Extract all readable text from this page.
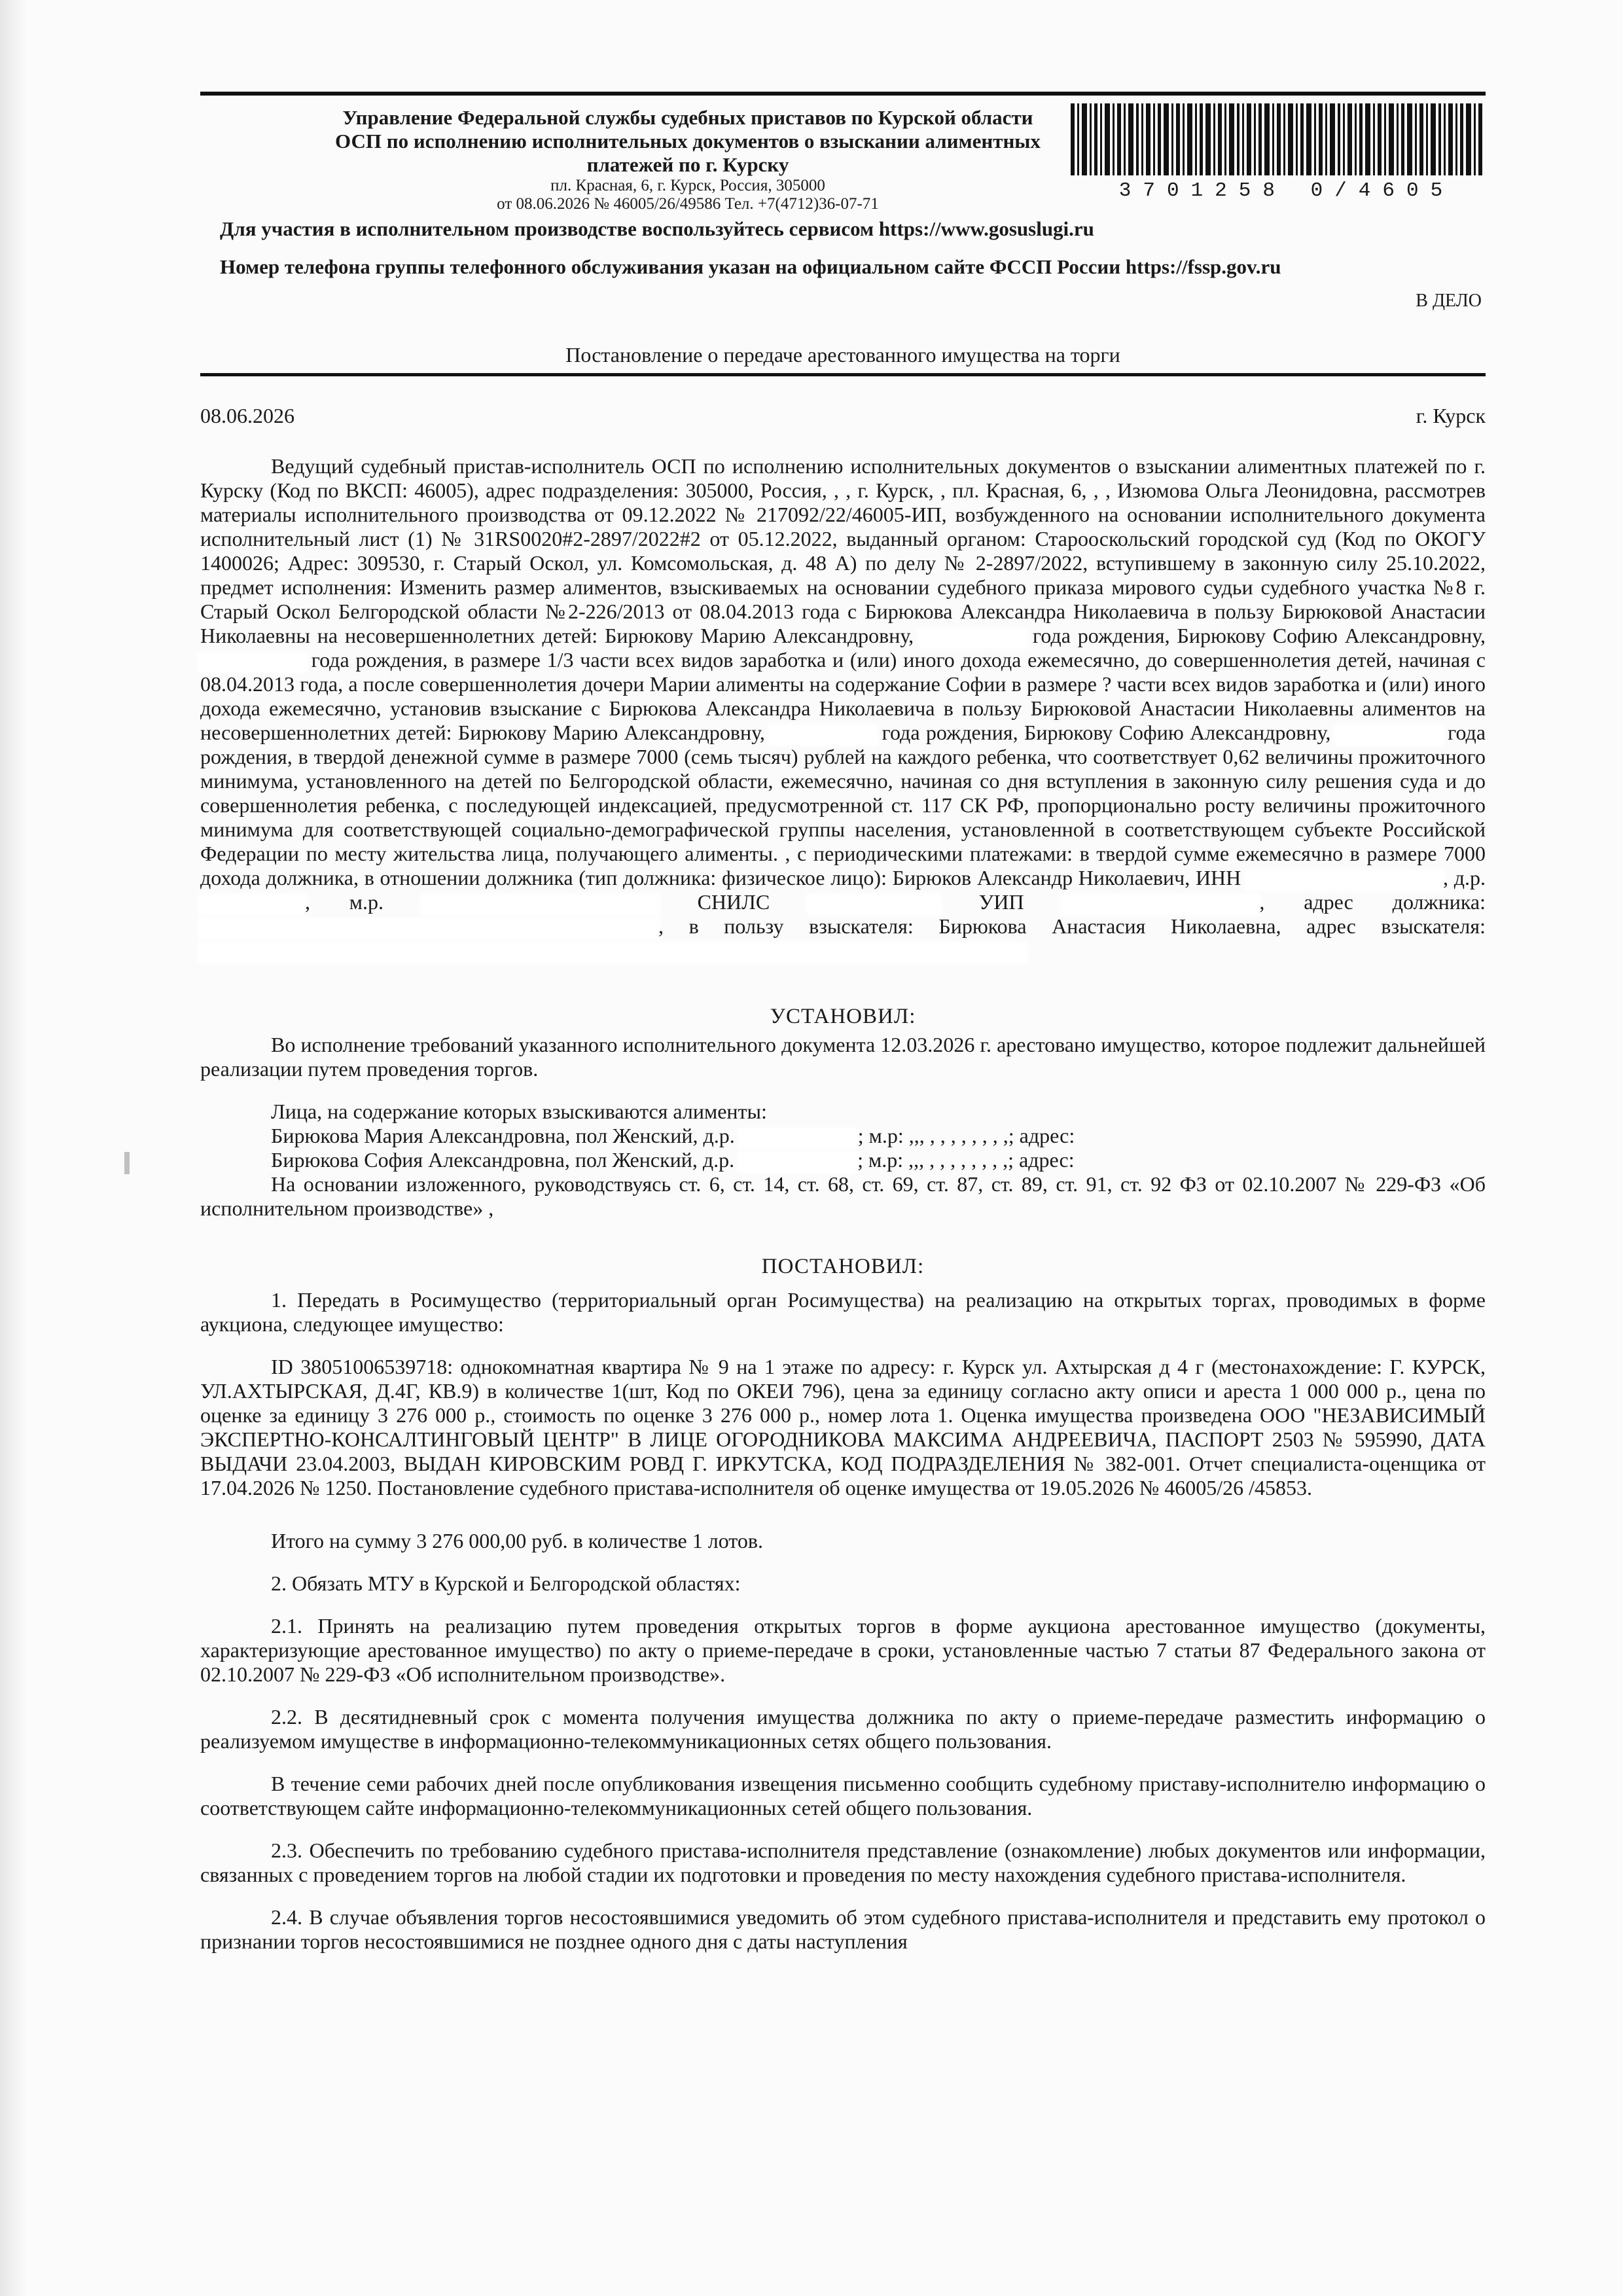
Управление Федеральной службы судебных приставов по Курской области
ОСП по исполнению исполнительных документов о взыскании алиментных
платежей по г. Курску
пл. Красная, 6, г. Курск, Россия, 305000
от 08.06.2026 № 46005/26/49586 Тел. +7(4712)36-07-71
3701258 0/4605
Для участия в исполнительном производстве воспользуйтесь сервисом https://www.gosuslugi.ru
Номер телефона группы телефонного обслуживания указан на официальном сайте ФССП России https://fssp.gov.ru
В ДЕЛО
Постановление о передаче арестованного имущества на торги
08.06.2026	г. Курск

Ведущий судебный пристав-исполнитель ОСП по исполнению исполнительных документов о взыскании алиментных платежей по г. Курску (Код по ВКСП: 46005), адрес подразделения: 305000, Россия, , , г. Курск, , пл. Красная, 6, , , Изюмова Ольга Леонидовна, рассмотрев материалы исполнительного производства от 09.12.2022 № 217092/22/46005-ИП, возбужденного на основании исполнительного документа исполнительный лист (1) № 31RS0020#2-2897/2022#2 от 05.12.2022, выданный органом: Старооскольский городской суд (Код по ОКОГУ 1400026; Адрес: 309530, г. Старый Оскол, ул. Комсомольская, д. 48 А) по делу № 2-2897/2022, вступившему в законную силу 25.10.2022, предмет исполнения: Изменить размер алиментов, взыскиваемых на основании судебного приказа мирового судьи судебного участка №8 г. Старый Оскол Белгородской области №2-226/2013 от 08.04.2013 года с Бирюкова Александра Николаевича в пользу Бирюковой Анастасии Николаевны на несовершеннолетних детей: Бирюкову Марию Александровну,	года рождения, Бирюкову Софию Александровну,  года рождения, в размере 1/3 части всех видов заработка и (или) иного дохода ежемесячно, до совершеннолетия детей, начиная с 08.04.2013 года, а после совершеннолетия дочери Марии алименты на содержание Софии в размере ? части всех видов заработка и (или) иного дохода ежемесячно, установив взыскание с Бирюкова Александра Николаевича в пользу Бирюковой Анастасии Николаевны алиментов на несовершеннолетних детей: Бирюкову Марию Александровну,	года рождения, Бирюкову Софию Александровну,	года рождения, в твердой денежной сумме в размере 7000 (семь тысяч) рублей на каждого ребенка, что соответствует 0,62 величины прожиточного минимума, установленного на детей по Белгородской области, ежемесячно, начиная со дня вступления в законную силу решения суда и до совершеннолетия ребенка, с последующей индексацией, предусмотренной ст. 117 СК РФ, пропорционально росту величины прожиточного минимума для соответствующей социально-демографической группы населения, установленной в соответствующем субъекте Российской Федерации по месту жительства лица, получающего алименты. , с периодическими платежами: в твердой сумме ежемесячно в размере 7000 дохода должника, в отношении должника (тип должника: физическое лицо): Бирюков Александр Николаевич, ИНН	, д.р. , м.р.	СНИЛС	УИП	, адрес должника: , в пользу взыскателя: Бирюкова Анастасия Николаевна, адрес взыскателя:

УСТАНОВИЛ:

Во исполнение требований указанного исполнительного документа 12.03.2026 г. арестовано имущество, которое подлежит дальнейшей реализации путем проведения торгов.

Лица, на содержание которых взыскиваются алименты:
Бирюкова Мария Александровна, пол Женский, д.р.	; м.р: ,,, , , , , , , , ,; адрес:
Бирюкова София Александровна, пол Женский, д.р.	; м.р: ,,, , , , , , , , ,; адрес:

На основании изложенного, руководствуясь ст. 6, ст. 14, ст. 68, ст. 69, ст. 87, ст. 89, ст. 91, ст. 92 ФЗ от 02.10.2007 № 229-ФЗ «Об исполнительном производстве» ,

ПОСТАНОВИЛ:

1. Передать в Росимущество (территориальный орган Росимущества) на реализацию на открытых торгах, проводимых в форме аукциона, следующее имущество:

ID 38051006539718: однокомнатная квартира № 9 на 1 этаже по адресу: г. Курск ул. Ахтырская д 4 г (местонахождение: Г. КУРСК, УЛ.АХТЫРСКАЯ, Д.4Г, КВ.9) в количестве 1(шт, Код по ОКЕИ 796), цена за единицу согласно акту описи и ареста 1 000 000 р., цена по оценке за единицу 3 276 000 р., стоимость по оценке 3 276 000 р., номер лота 1. Оценка имущества произведена ООО "НЕЗАВИСИМЫЙ ЭКСПЕРТНО-КОНСАЛТИНГОВЫЙ ЦЕНТР" В ЛИЦЕ ОГОРОДНИКОВА МАКСИМА АНДРЕЕВИЧА, ПАСПОРТ 2503 № 595990, ДАТА ВЫДАЧИ 23.04.2003, ВЫДАН КИРОВСКИМ РОВД Г. ИРКУТСКА, КОД ПОДРАЗДЕЛЕНИЯ № 382-001. Отчет специалиста-оценщика от 17.04.2026 № 1250. Постановление судебного пристава-исполнителя об оценке имущества от 19.05.2026 № 46005/26 /45853.

Итого на сумму 3 276 000,00 руб. в количестве 1 лотов.

2. Обязать МТУ в Курской и Белгородской областях:

2.1. Принять на реализацию путем проведения открытых торгов в форме аукциона арестованное имущество (документы, характеризующие арестованное имущество) по акту о приеме-передаче в сроки, установленные частью 7 статьи 87 Федерального закона от 02.10.2007 № 229-ФЗ «Об исполнительном производстве».

2.2. В десятидневный срок с момента получения имущества должника по акту о приеме-передаче разместить информацию о реализуемом имуществе в информационно-телекоммуникационных сетях общего пользования.

В течение семи рабочих дней после опубликования извещения письменно сообщить судебному приставу-исполнителю информацию о соответствующем сайте информационно-телекоммуникационных сетей общего пользования.

2.3. Обеспечить по требованию судебного пристава-исполнителя представление (ознакомление) любых документов или информации, связанных с проведением торгов на любой стадии их подготовки и проведения по месту нахождения судебного пристава-исполнителя.

2.4. В случае объявления торгов несостоявшимися уведомить об этом судебного пристава-исполнителя и представить ему протокол о признании торгов несостоявшимися не позднее одного дня с даты наступления
